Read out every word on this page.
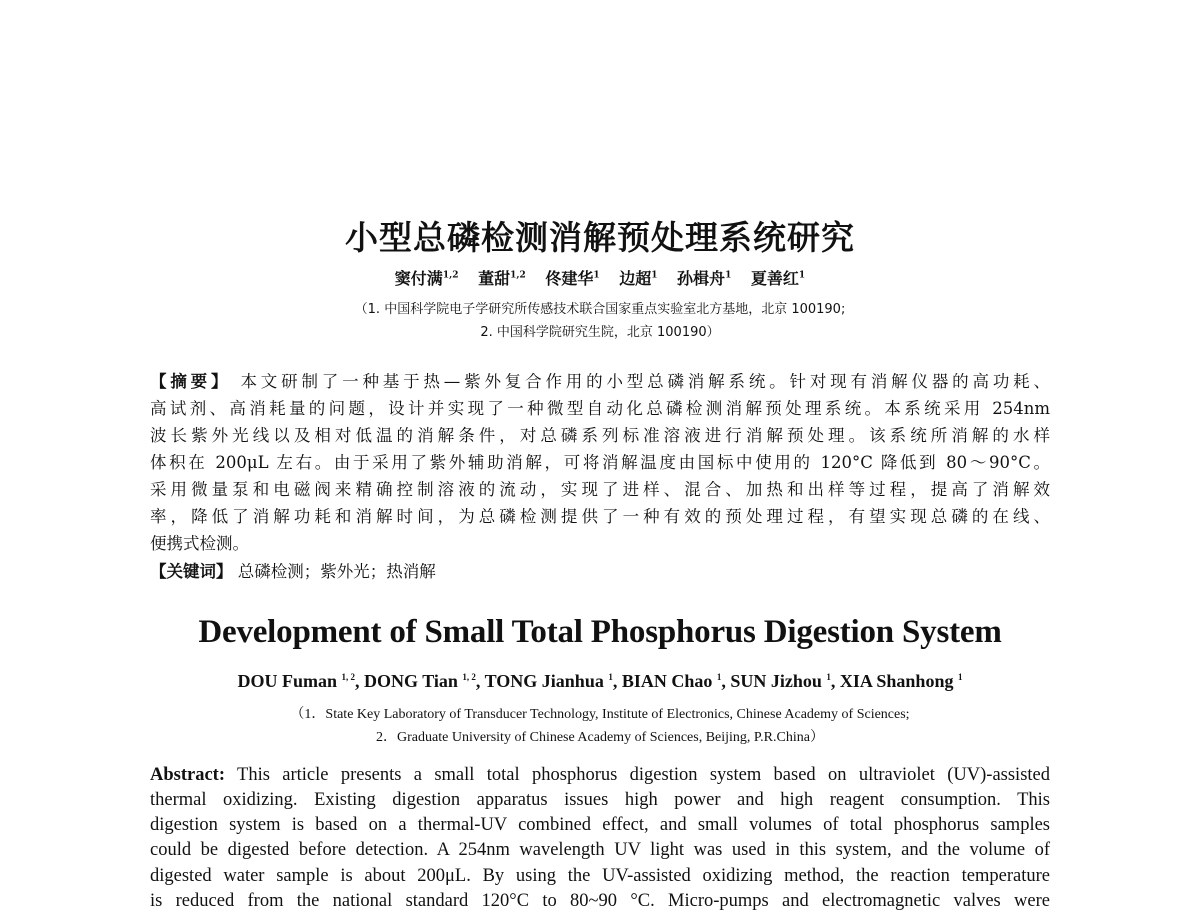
小型总磷检测消解预处理系统研究
窦付满$^{1,2}$ 董甜$^{1,2}$ 佟建华$^1$ 边超$^1$ 孙楫舟$^1$ 夏善红$^1$
（1. 中国科学院电子学研究所传感技术联合国家重点实验室北方基地，北京 100190;
2. 中国科学院研究生院，北京 100190）
【摘要】 本文研制了一种基于热—紫外复合作用的小型总磷消解系统。针对现有消解仪器的高功耗、
高试剂、高消耗量的问题，设计并实现了一种微型自动化总磷检测消解预处理系统。本系统采用 254nm
波长紫外光线以及相对低温的消解条件，对总磷系列标准溶液进行消解预处理。该系统所消解的水样
体积在 200μL 左右。由于采用了紫外辅助消解，可将消解温度由国标中使用的 120°C 降低到 80～90°C。
采用微量泵和电磁阀来精确控制溶液的流动，实现了进样、混合、加热和出样等过程，提高了消解效
率，降低了消解功耗和消解时间，为总磷检测提供了一种有效的预处理过程，有望实现总磷的在线、
便携式检测。
【关键词】 总磷检测；紫外光；热消解
Development of Small Total Phosphorus Digestion System
DOU Fuman $^{1, 2}$, DONG Tian $^{1, 2}$, TONG Jianhua $^1$, BIAN Chao $^1$, SUN Jizhou $^1$, XIA Shanhong $^1$
（1．State Key Laboratory of Transducer Technology, Institute of Electronics, Chinese Academy of Sciences;
2．Graduate University of Chinese Academy of Sciences, Beijing, P.R.China）
Abstract: This article presents a small total phosphorus digestion system based on ultraviolet (UV)-assisted
thermal oxidizing. Existing digestion apparatus issues high power and high reagent consumption. This
digestion system is based on a thermal-UV combined effect, and small volumes of total phosphorus samples
could be digested before detection. A 254nm wavelength UV light was used in this system, and the volume of
digested water sample is about 200μL. By using the UV-assisted oxidizing method, the reaction temperature
is reduced from the national standard 120°C to 80~90 °C. Micro-pumps and electromagnetic valves were
